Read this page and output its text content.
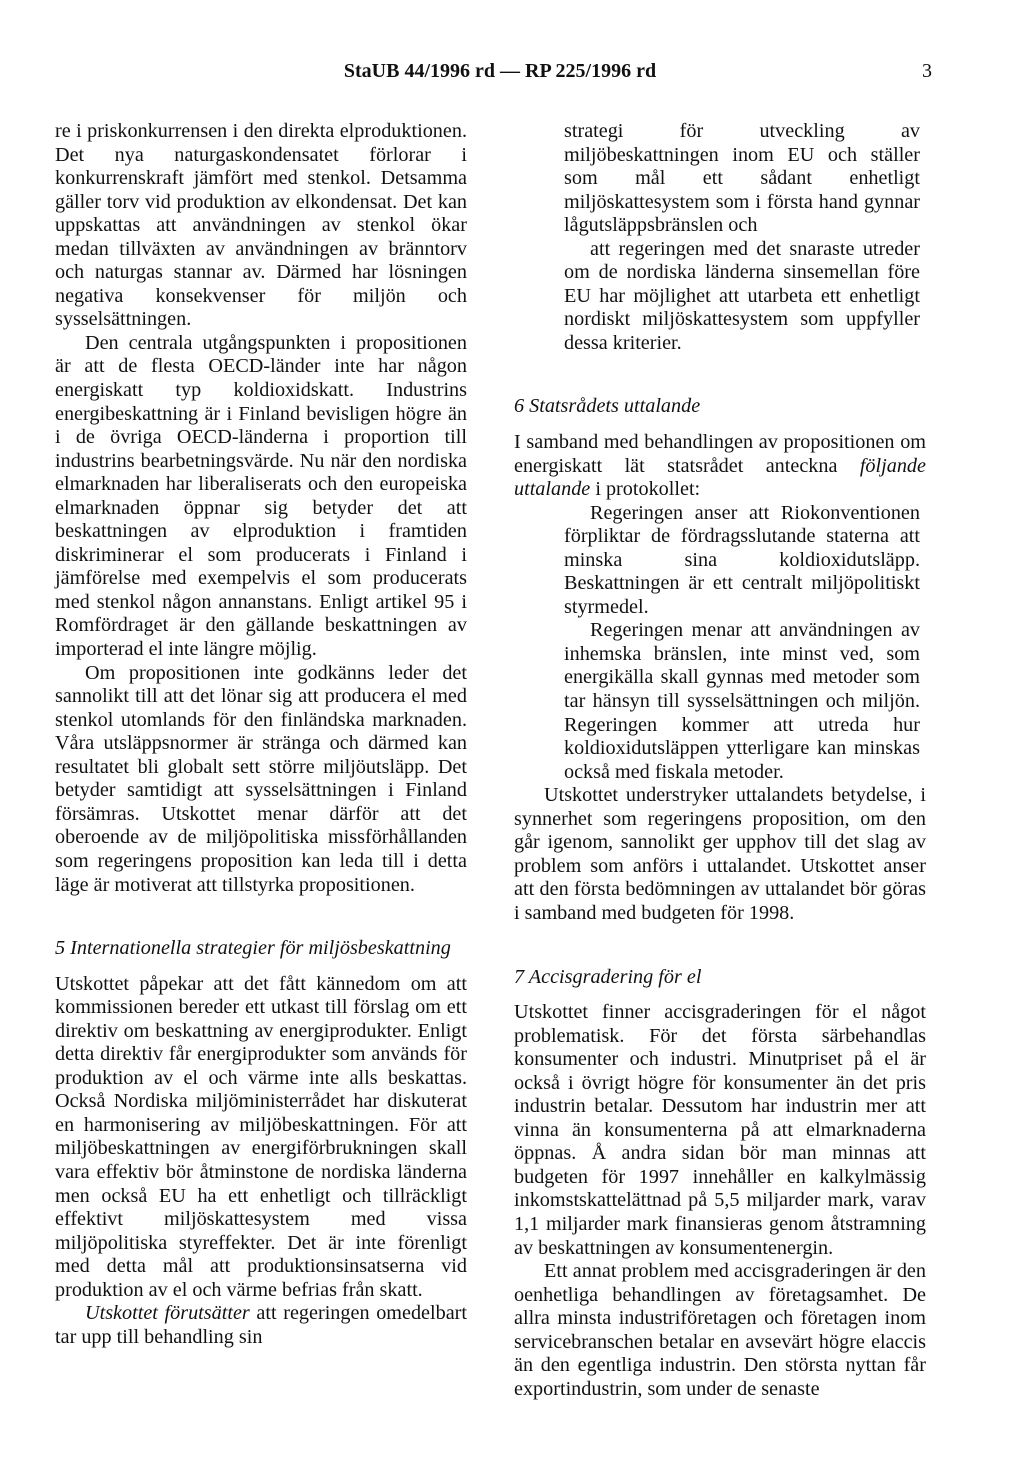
StaUB 44/1996 rd — RP 225/1996 rd	3

re i priskonkurrensen i den direkta elproduktionen. Det nya naturgaskondensatet förlorar i konkurrenskraft jämfört med stenkol. Detsamma gäller torv vid produktion av elkondensat. Det kan uppskattas att användningen av stenkol ökar medan tillväxten av användningen av bränntorv och naturgas stannar av. Därmed har lösningen negativa konsekvenser för miljön och sysselsättningen.

Den centrala utgångspunkten i propositionen är att de flesta OECD-länder inte har någon energiskatt typ koldioxidskatt. Industrins energibeskattning är i Finland bevisligen högre än i de övriga OECD-länderna i proportion till industrins bearbetningsvärde. Nu när den nordiska elmarknaden har liberaliserats och den europeiska elmarknaden öppnar sig betyder det att beskattningen av elproduktion i framtiden diskriminerar el som producerats i Finland i jämförelse med exempelvis el som producerats med stenkol någon annanstans. Enligt artikel 95 i Romfördraget är den gällande beskattningen av importerad el inte längre möjlig.

Om propositionen inte godkänns leder det sannolikt till att det lönar sig att producera el med stenkol utomlands för den finländska marknaden. Våra utsläppsnormer är stränga och därmed kan resultatet bli globalt sett större miljöutsläpp. Det betyder samtidigt att sysselsättningen i Finland försämras. Utskottet menar därför att det oberoende av de miljöpolitiska missförhållanden som regeringens proposition kan leda till i detta läge är motiverat att tillstyrka propositionen.

5 Internationella strategier för miljösbeskattning

Utskottet påpekar att det fått kännedom om att kommissionen bereder ett utkast till förslag om ett direktiv om beskattning av energiprodukter. Enligt detta direktiv får energiprodukter som används för produktion av el och värme inte alls beskattas. Också Nordiska miljöministerrådet har diskuterat en harmonisering av miljöbeskattningen. För att miljöbeskattningen av energiförbrukningen skall vara effektiv bör åtminstone de nordiska länderna men också EU ha ett enhetligt och tillräckligt effektivt miljöskattesystem med vissa miljöpolitiska styreffekter. Det är inte förenligt med detta mål att produktionsinsatserna vid produktion av el och värme befrias från skatt.

Utskottet förutsätter att regeringen omedelbart tar upp till behandling sin

strategi för utveckling av miljöbeskattningen inom EU och ställer som mål ett sådant enhetligt miljöskattesystem som i första hand gynnar lågutsläppsbränslen och

att regeringen med det snaraste utreder om de nordiska länderna sinsemellan före EU har möjlighet att utarbeta ett enhetligt nordiskt miljöskattesystem som uppfyller dessa kriterier.

6 Statsrådets uttalande

I samband med behandlingen av propositionen om energiskatt lät statsrådet anteckna följande uttalande i protokollet:

Regeringen anser att Riokonventionen förpliktar de fördragsslutande staterna att minska sina koldioxidutsläpp. Beskattningen är ett centralt miljöpolitiskt styrmedel.

Regeringen menar att användningen av inhemska bränslen, inte minst ved, som energikälla skall gynnas med metoder som tar hänsyn till sysselsättningen och miljön. Regeringen kommer att utreda hur koldioxidutsläppen ytterligare kan minskas också med fiskala metoder.

Utskottet understryker uttalandets betydelse, i synnerhet som regeringens proposition, om den går igenom, sannolikt ger upphov till det slag av problem som anförs i uttalandet. Utskottet anser att den första bedömningen av uttalandet bör göras i samband med budgeten för 1998.

7 Accisgradering för el

Utskottet finner accisgraderingen för el något problematisk. För det första särbehandlas konsumenter och industri. Minutpriset på el är också i övrigt högre för konsumenter än det pris industrin betalar. Dessutom har industrin mer att vinna än konsumenterna på att elmarknaderna öppnas. Å andra sidan bör man minnas att budgeten för 1997 innehåller en kalkylmässig inkomstskattelättnad på 5,5 miljarder mark, varav 1,1 miljarder mark finansieras genom åtstramning av beskattningen av konsumentenergin.

Ett annat problem med accisgraderingen är den oenhetliga behandlingen av företagsamhet. De allra minsta industriföretagen och företagen inom servicebranschen betalar en avsevärt högre elaccis än den egentliga industrin. Den största nyttan får exportindustrin, som under de senaste
